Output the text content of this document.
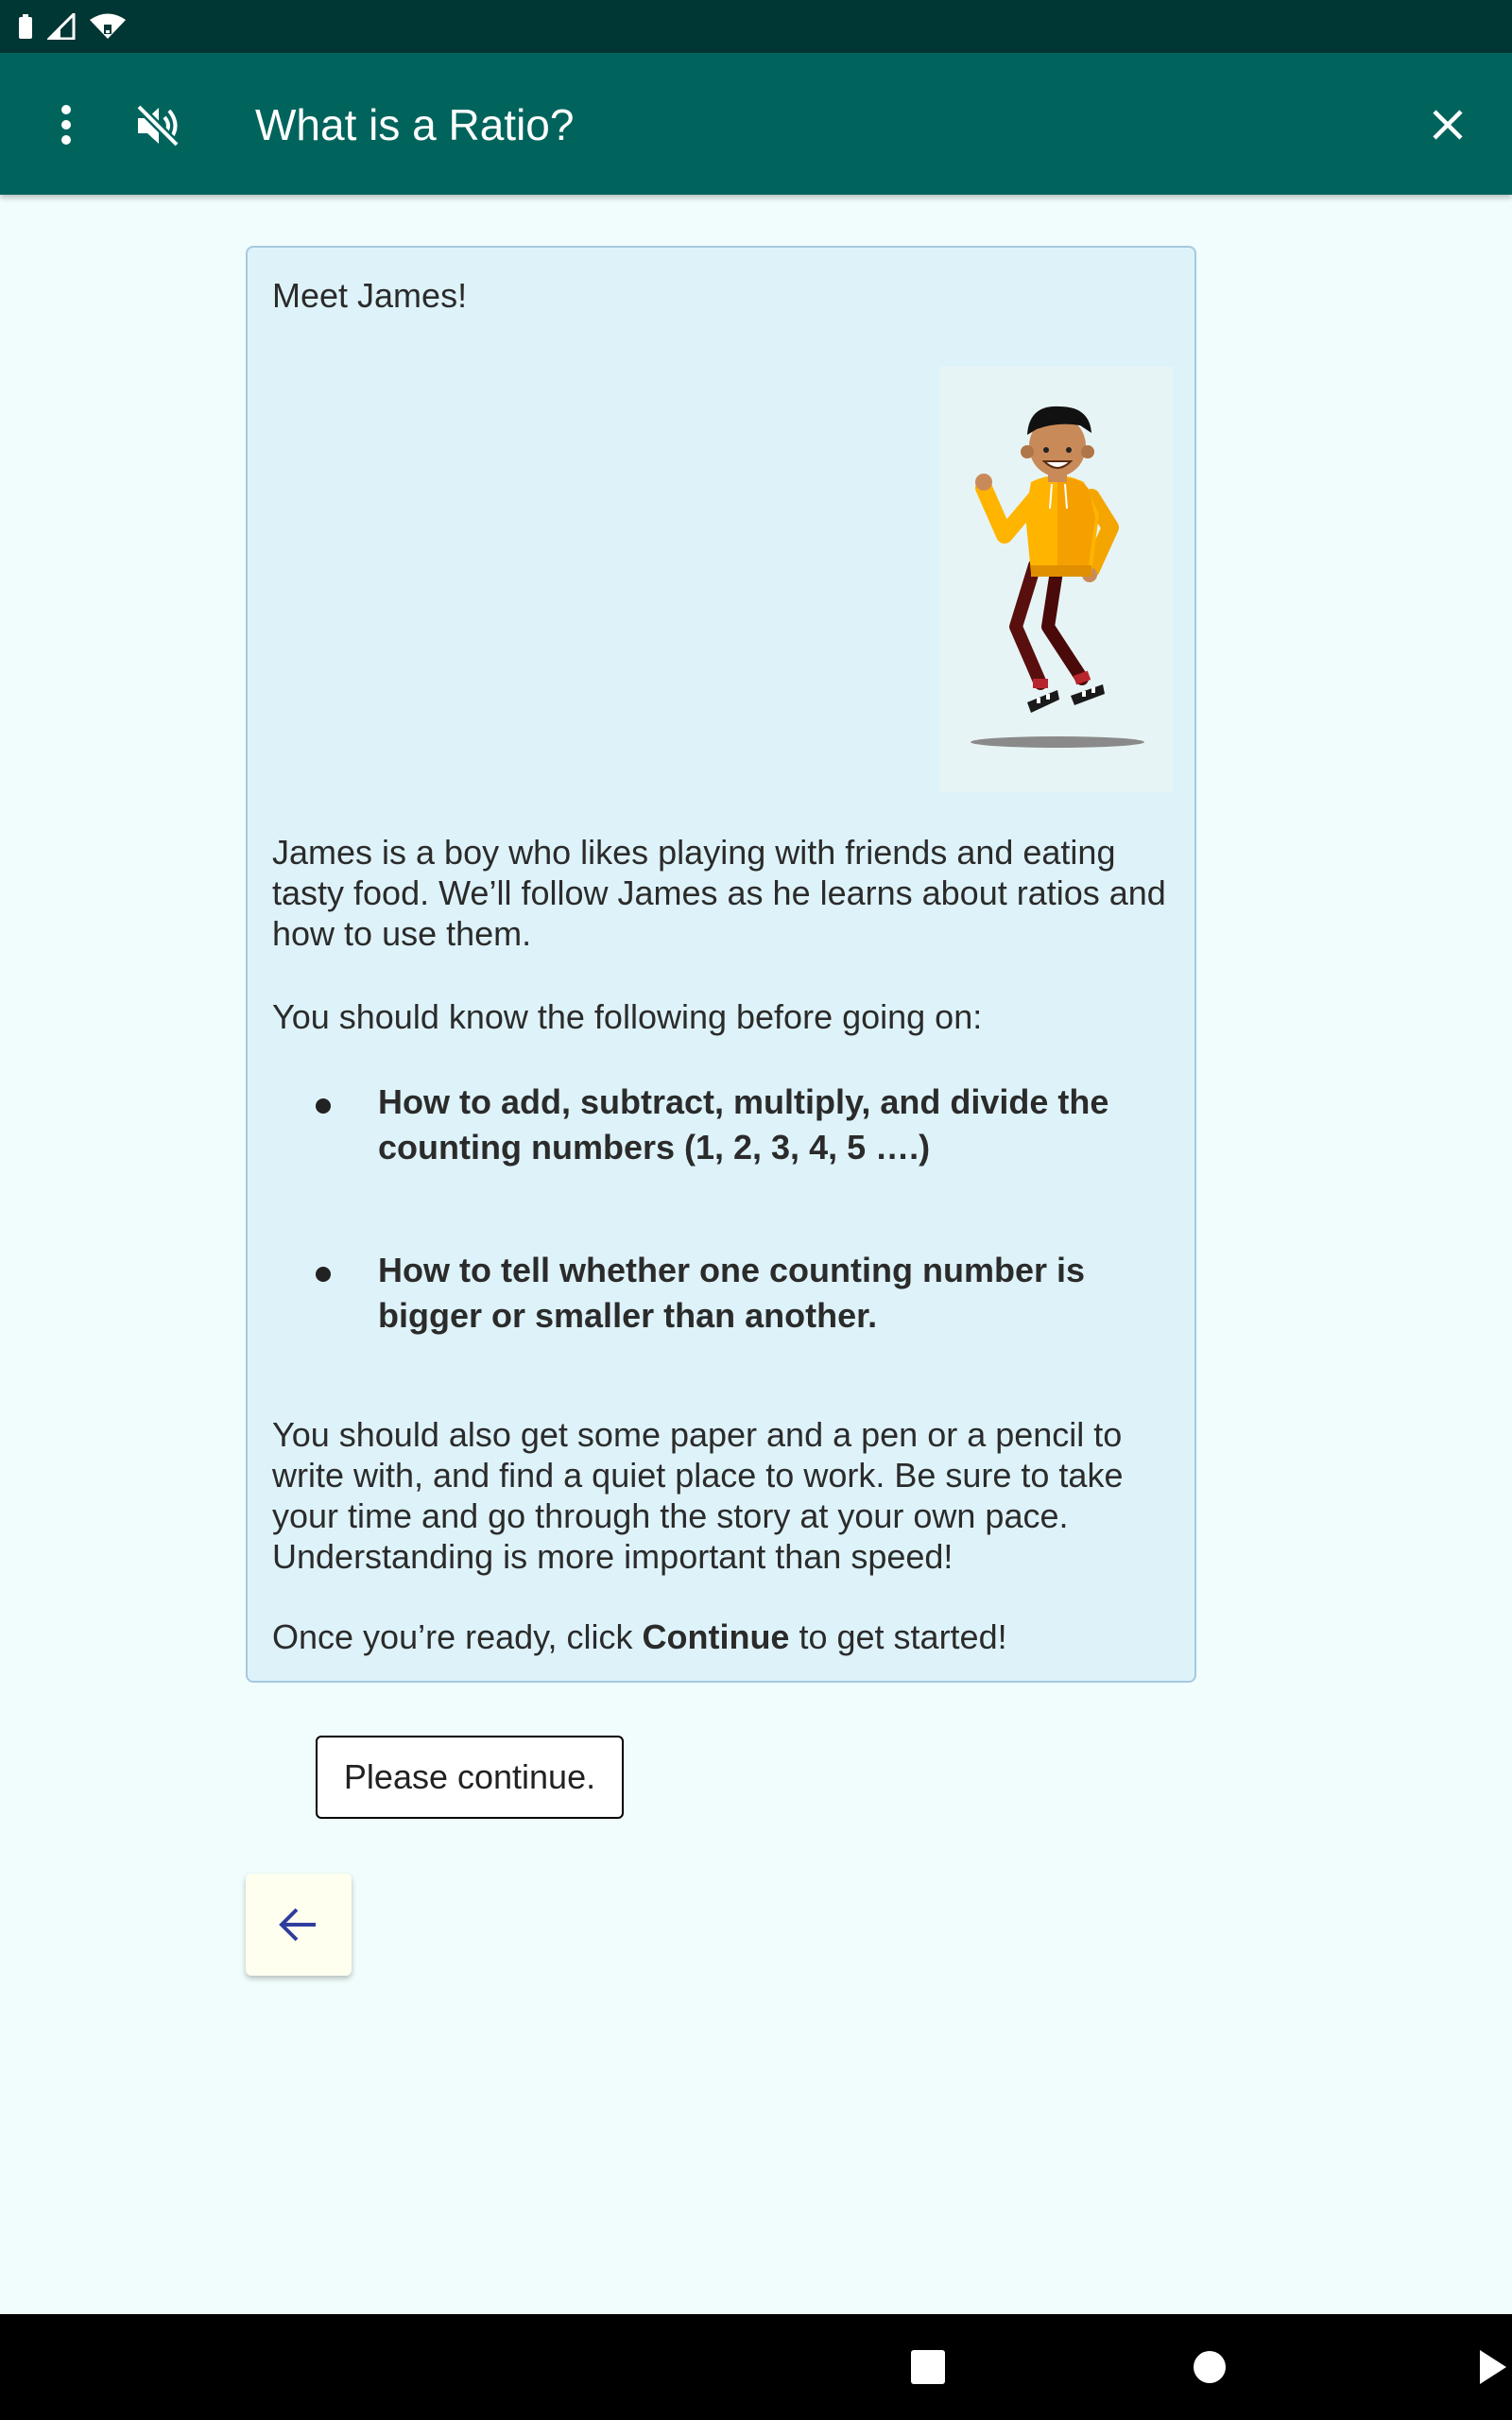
What is a Ratio?
Meet James!

James is a boy who likes playing with friends and eating tasty food. We’ll follow James as he learns about ratios and how to use them.

You should know the following before going on:

How to add, subtract, multiply, and divide the counting numbers (1, 2, 3, 4, 5 ….)
How to tell whether one counting number is bigger or smaller than another.

You should also get some paper and a pen or a pencil to write with, and find a quiet place to work. Be sure to take your time and go through the story at your own pace. Understanding is more important than speed!

Once you’re ready, click Continue to get started!

Please continue.
